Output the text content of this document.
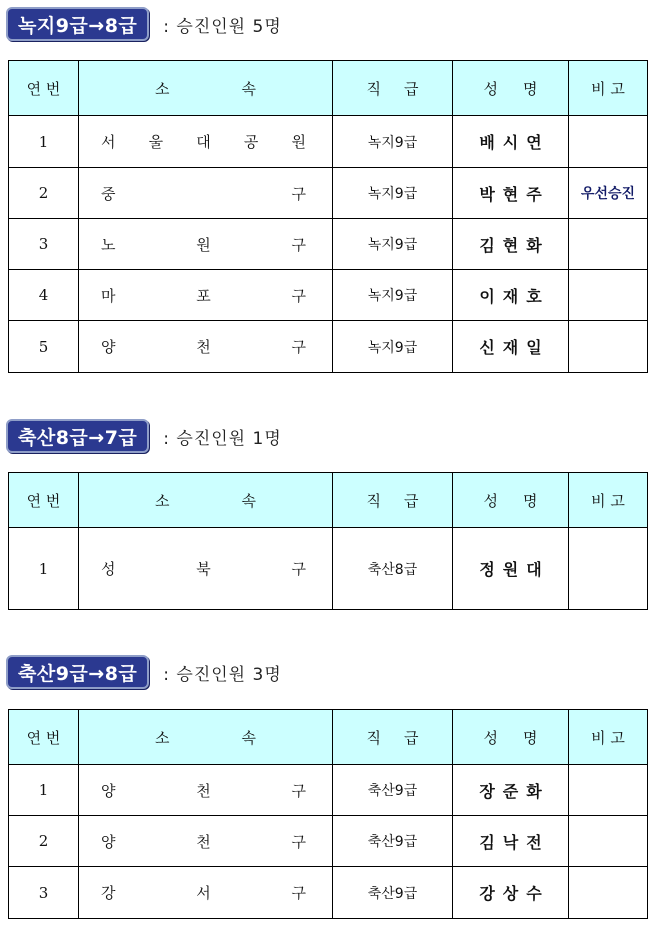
녹지9급→8급	: 승진인원 5명
연 번	소 속	직 급	성 명	비 고
1	서 울 대 공 원	녹지9급	배시연	
2	중 구	녹지9급	박현주	우선승진
3	노 원 구	녹지9급	김현화	
4	마 포 구	녹지9급	이재호	
5	양 천 구	녹지9급	신재일	
축산8급→7급	: 승진인원 1명
연 번	소 속	직 급	성 명	비 고
1	성 북 구	축산8급	정원대	
축산9급→8급	: 승진인원 3명
연 번	소 속	직 급	성 명	비 고
1	양 천 구	축산9급	장준화	
2	양 천 구	축산9급	김낙전	
3	강 서 구	축산9급	강상수	
